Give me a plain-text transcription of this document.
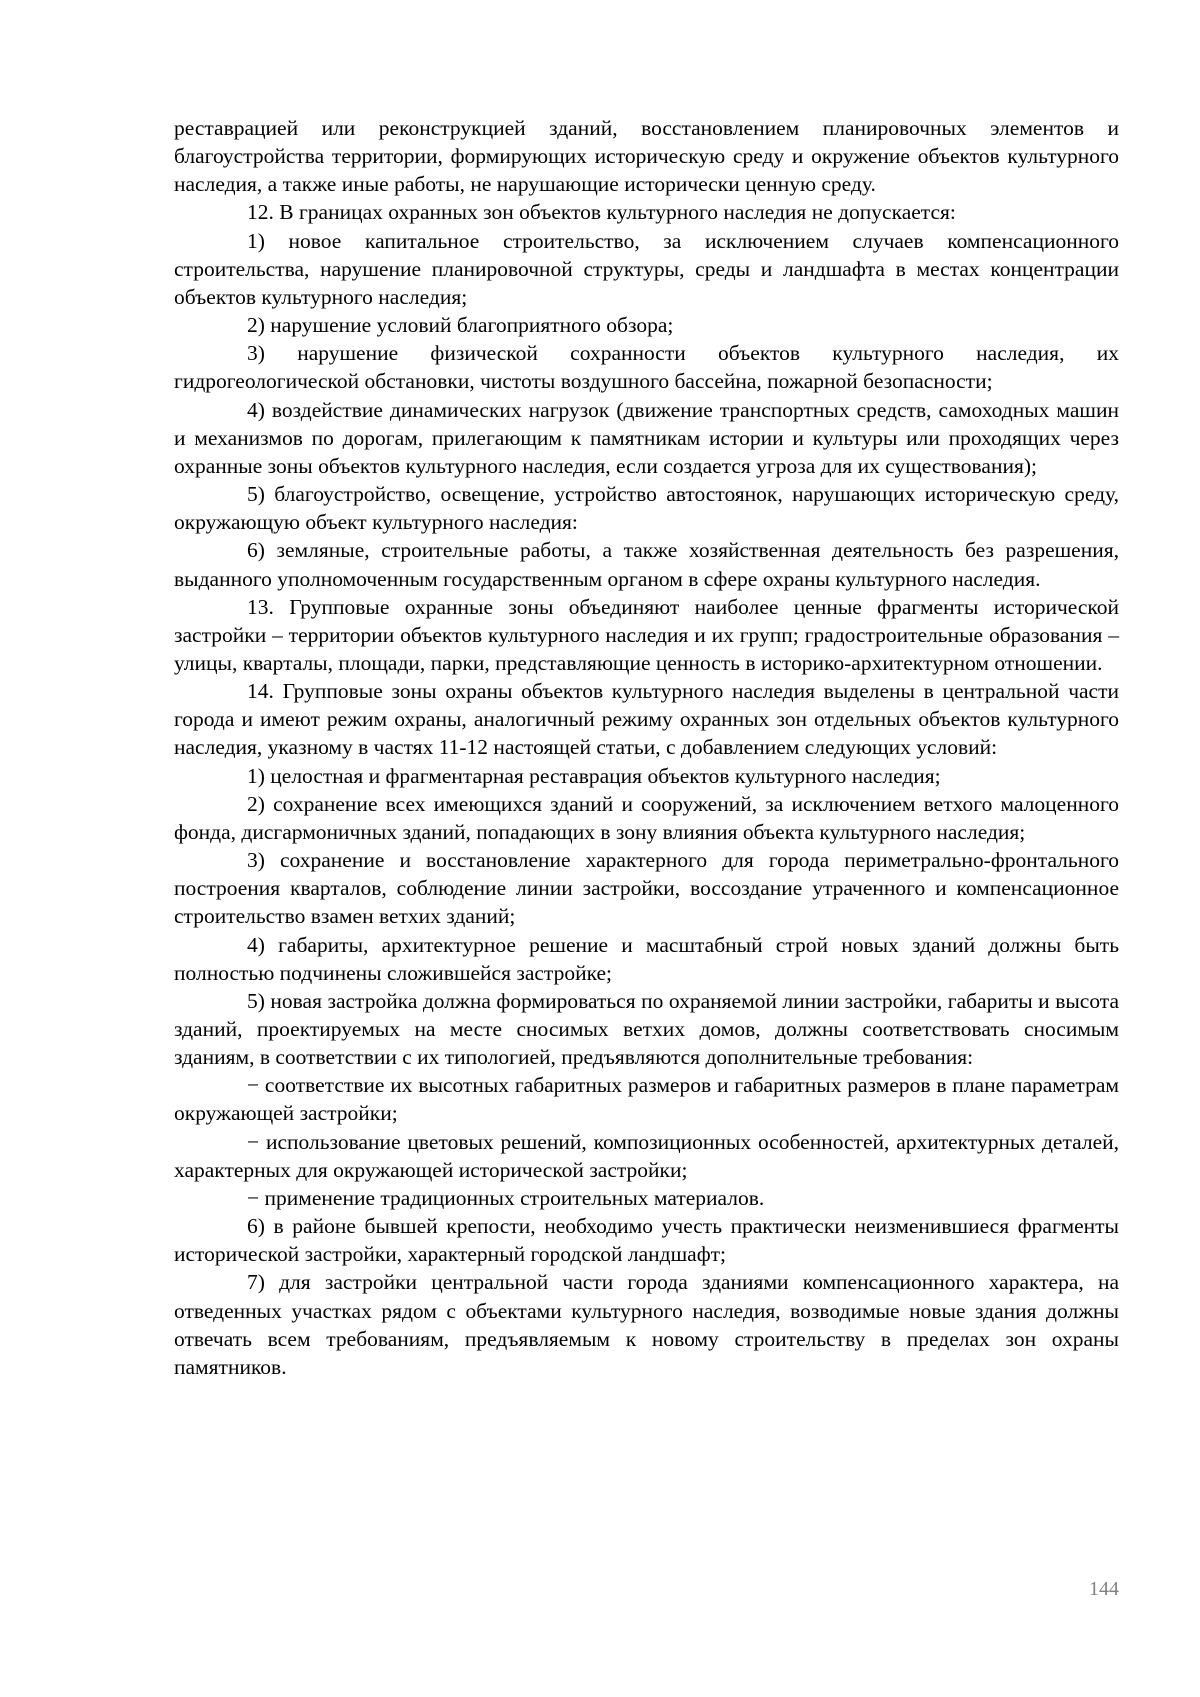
реставрацией или реконструкцией зданий, восстановлением планировочных элементов и благоустройства территории, формирующих историческую среду и окружение объектов культурного наследия, а также иные работы, не нарушающие исторически ценную среду.

12. В границах охранных зон объектов культурного наследия не допускается:

1) новое капитальное строительство, за исключением случаев компенсационного строительства, нарушение планировочной структуры, среды и ландшафта в местах концентрации объектов культурного наследия;

2) нарушение условий благоприятного обзора;

3) нарушение физической сохранности объектов культурного наследия, их гидрогеологической обстановки, чистоты воздушного бассейна, пожарной безопасности;

4) воздействие динамических нагрузок (движение транспортных средств, самоходных машин и механизмов по дорогам, прилегающим к памятникам истории и культуры или проходящих через охранные зоны объектов культурного наследия, если создается угроза для их существования);

5) благоустройство, освещение, устройство автостоянок, нарушающих историческую среду, окружающую объект культурного наследия:

6) земляные, строительные работы, а также хозяйственная деятельность без разрешения, выданного уполномоченным государственным органом в сфере охраны культурного наследия.

13. Групповые охранные зоны объединяют наиболее ценные фрагменты исторической застройки – территории объектов культурного наследия и их групп; градостроительные образования – улицы, кварталы, площади, парки, представляющие ценность в историко-архитектурном отношении.

14. Групповые зоны охраны объектов культурного наследия выделены в центральной части города и имеют режим охраны, аналогичный режиму охранных зон отдельных объектов культурного наследия, указному в частях 11-12 настоящей статьи, с добавлением следующих условий:

1) целостная и фрагментарная реставрация объектов культурного наследия;

2) сохранение всех имеющихся зданий и сооружений, за исключением ветхого малоценного фонда, дисгармоничных зданий, попадающих в зону влияния объекта культурного наследия;

3) сохранение и восстановление характерного для города периметрально-фронтального построения кварталов, соблюдение линии застройки, воссоздание утраченного и компенсационное строительство взамен ветхих зданий;

4) габариты, архитектурное решение и масштабный строй новых зданий должны быть полностью подчинены сложившейся застройке;

5) новая застройка должна формироваться по охраняемой линии застройки, габариты и высота зданий, проектируемых на месте сносимых ветхих домов, должны соответствовать сносимым зданиям, в соответствии с их типологией, предъявляются дополнительные требования:

− соответствие их высотных габаритных размеров и габаритных размеров в плане параметрам окружающей застройки;

− использование цветовых решений, композиционных особенностей, архитектурных деталей, характерных для окружающей исторической застройки;

− применение традиционных строительных материалов.

6) в районе бывшей крепости, необходимо учесть практически неизменившиеся фрагменты исторической застройки, характерный городской ландшафт;

7) для застройки центральной части города зданиями компенсационного характера, на отведенных участках рядом с объектами культурного наследия, возводимые новые здания должны отвечать всем требованиям, предъявляемым к новому строительству в пределах зон охраны памятников.

144
